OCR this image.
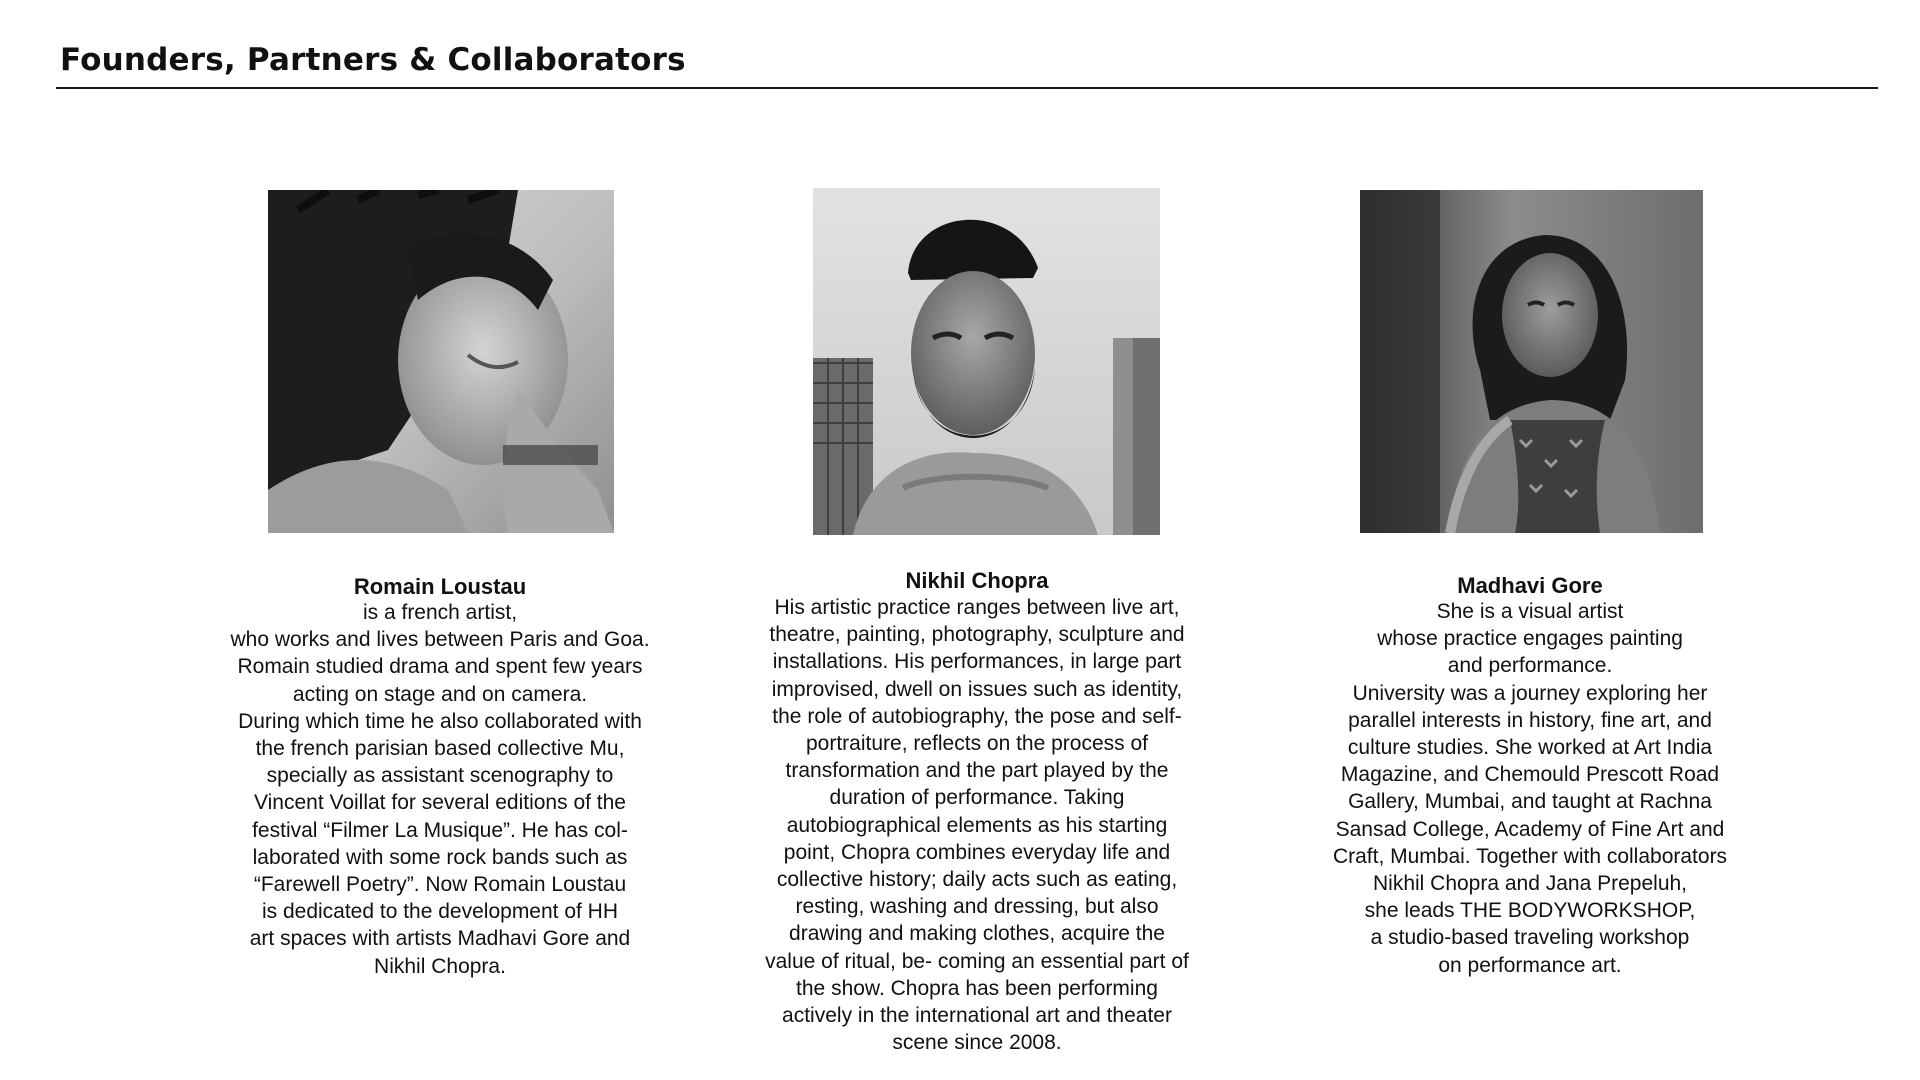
Founders, Partners & Collaborators
Romain Loustau
is a french artist,
who works and lives between Paris and Goa.
Romain studied drama and spent few years
acting on stage and on camera.
During which time he also collaborated with
the french parisian based collective Mu,
specially as assistant scenography to
Vincent Voillat for several editions of the
festival “Filmer La Musique”. He has col-
laborated with some rock bands such as
“Farewell Poetry”. Now Romain Loustau
is dedicated to the development of HH
art spaces with artists Madhavi Gore and
Nikhil Chopra.
Nikhil Chopra
His artistic practice ranges between live art,
theatre, painting, photography, sculpture and
installations. His performances, in large part
improvised, dwell on issues such as identity,
the role of autobiography, the pose and self-
portraiture, reflects on the process of
transformation and the part played by the
duration of performance. Taking
autobiographical elements as his starting
point, Chopra combines everyday life and
collective history; daily acts such as eating,
resting, washing and dressing, but also
drawing and making clothes, acquire the
value of ritual, be- coming an essential part of
the show. Chopra has been performing
actively in the international art and theater
scene since 2008.
Madhavi Gore
She is a visual artist
whose practice engages painting
and performance.
University was a journey exploring her
parallel interests in history, fine art, and
culture studies. She worked at Art India
Magazine, and Chemould Prescott Road
Gallery, Mumbai, and taught at Rachna
Sansad College, Academy of Fine Art and
Craft, Mumbai. Together with collaborators
Nikhil Chopra and Jana Prepeluh,
she leads THE BODYWORKSHOP,
a studio-based traveling workshop
on performance art.
